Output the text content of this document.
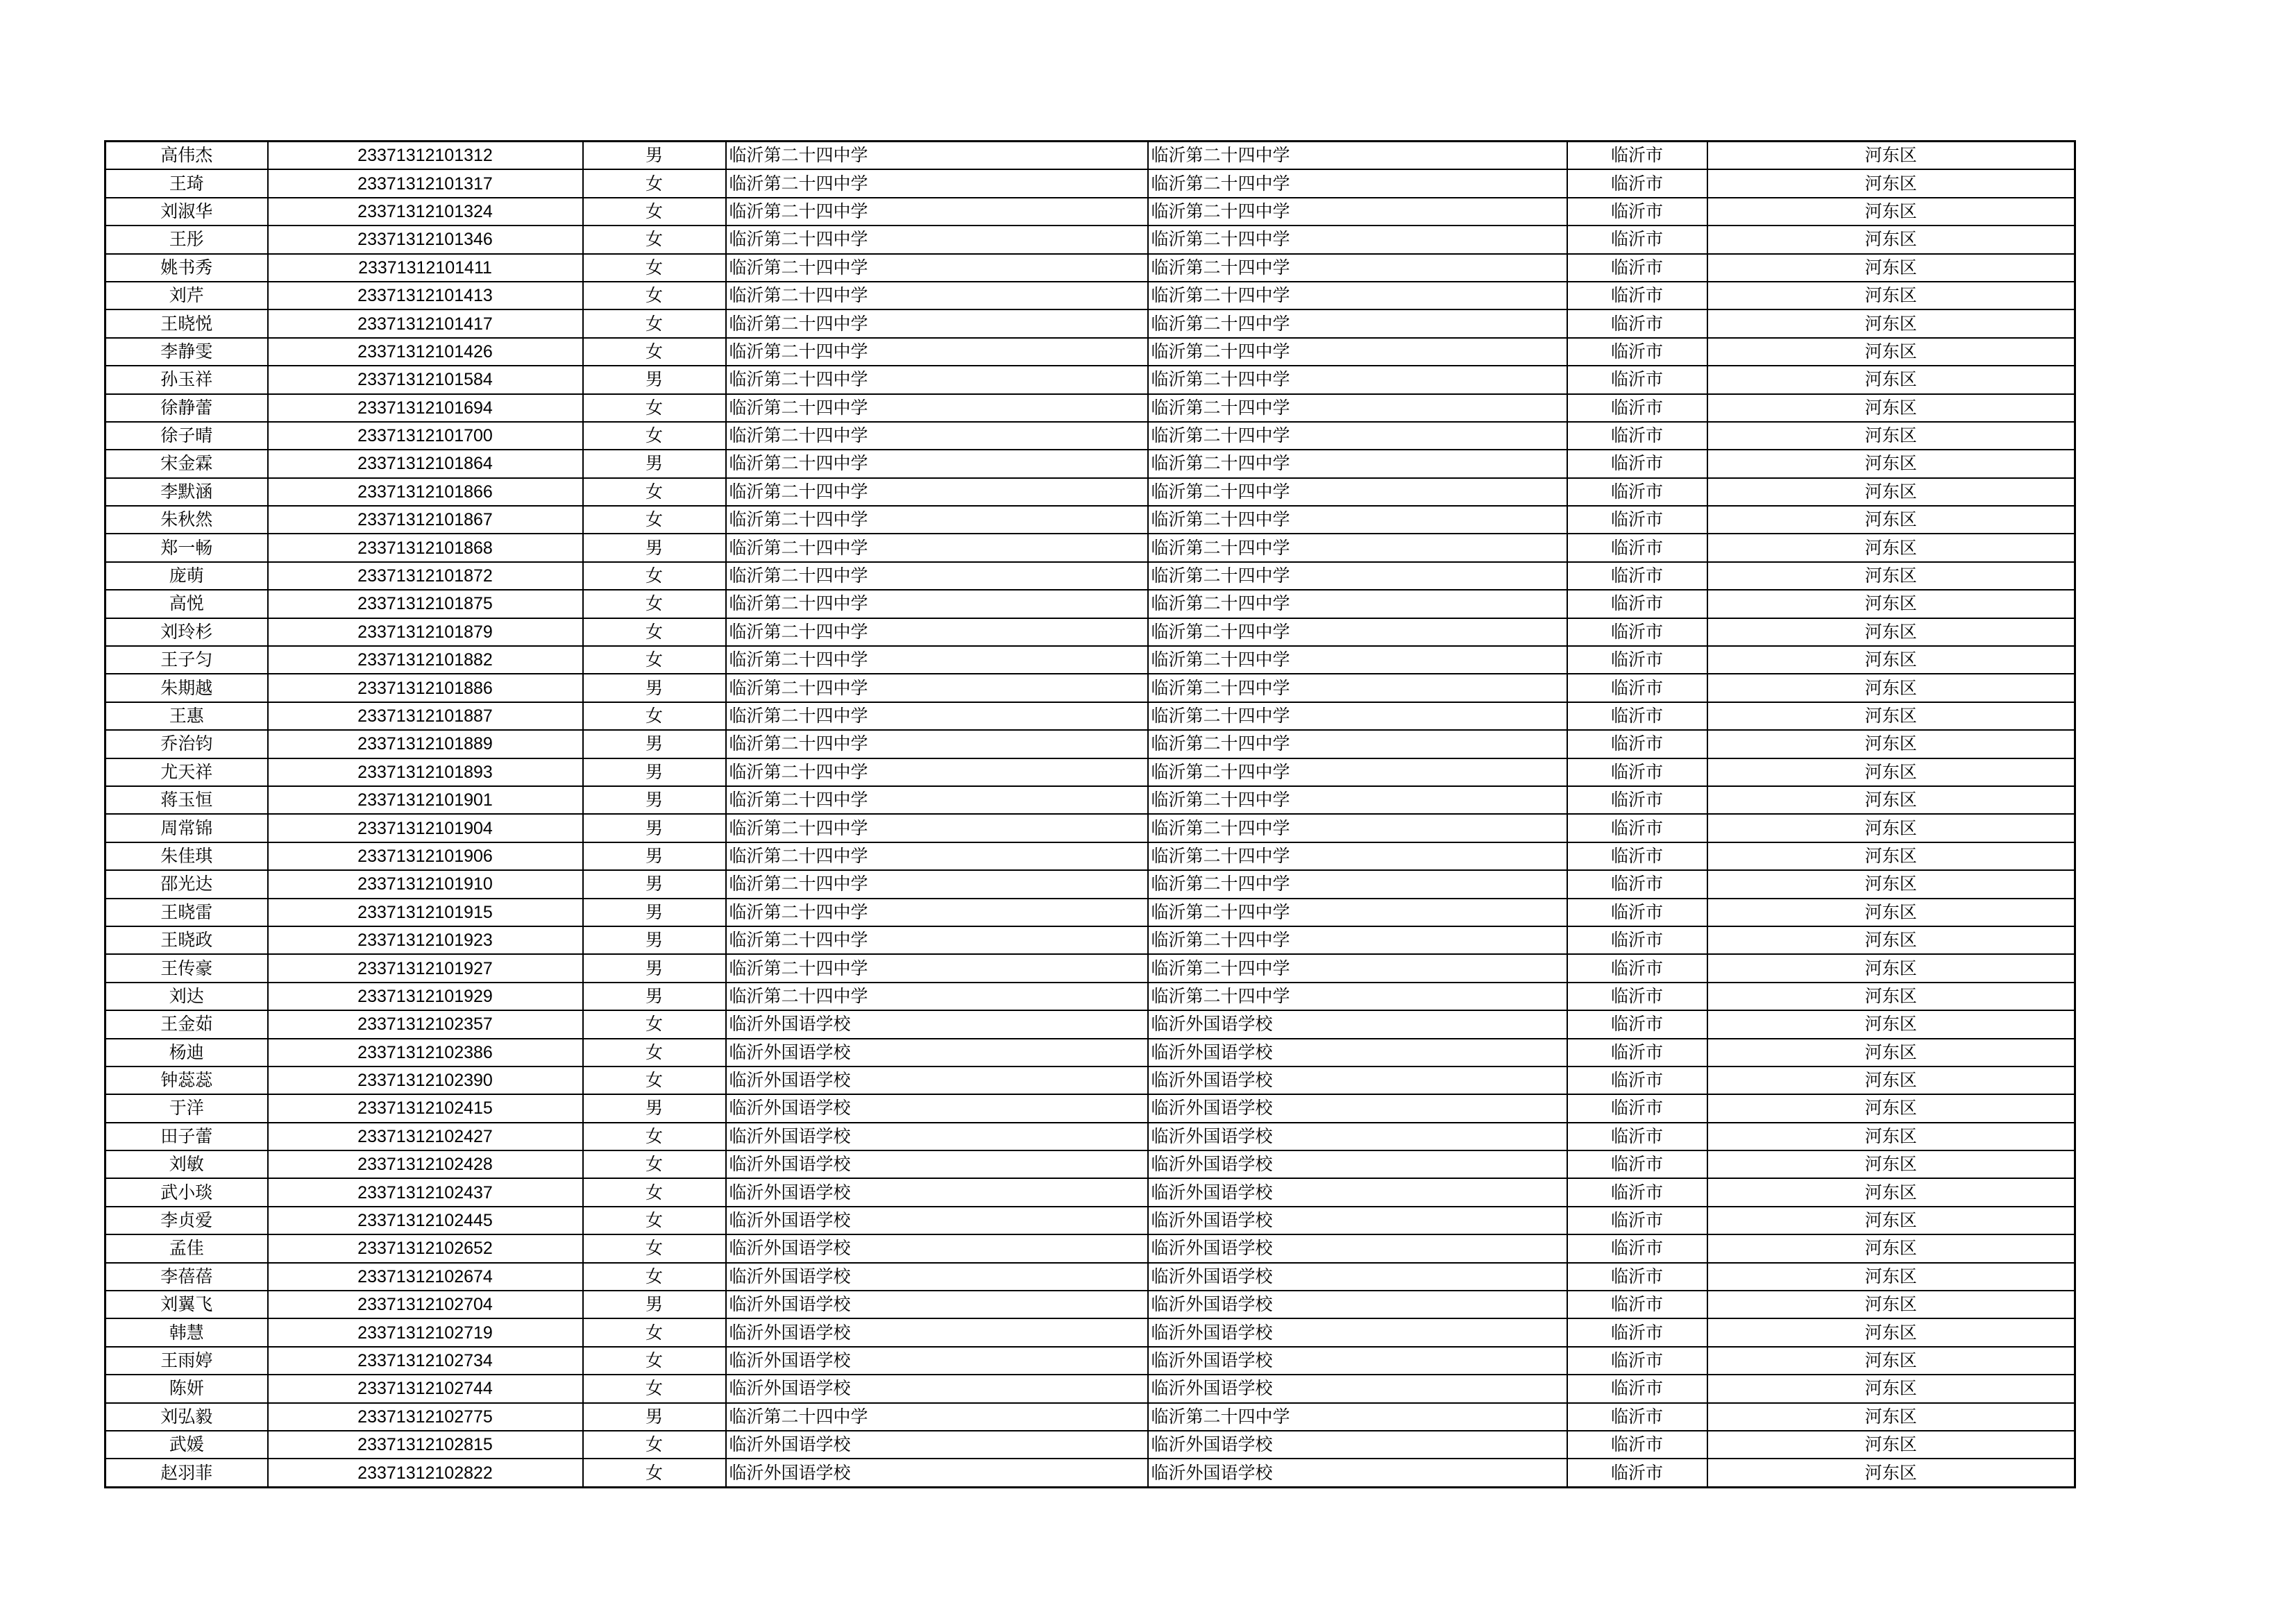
高伟杰	23371312101312	男	临沂第二十四中学	临沂第二十四中学	临沂市	河东区
王琦	23371312101317	女	临沂第二十四中学	临沂第二十四中学	临沂市	河东区
刘淑华	23371312101324	女	临沂第二十四中学	临沂第二十四中学	临沂市	河东区
王彤	23371312101346	女	临沂第二十四中学	临沂第二十四中学	临沂市	河东区
姚书秀	23371312101411	女	临沂第二十四中学	临沂第二十四中学	临沂市	河东区
刘芹	23371312101413	女	临沂第二十四中学	临沂第二十四中学	临沂市	河东区
王晓悦	23371312101417	女	临沂第二十四中学	临沂第二十四中学	临沂市	河东区
李静雯	23371312101426	女	临沂第二十四中学	临沂第二十四中学	临沂市	河东区
孙玉祥	23371312101584	男	临沂第二十四中学	临沂第二十四中学	临沂市	河东区
徐静蕾	23371312101694	女	临沂第二十四中学	临沂第二十四中学	临沂市	河东区
徐子晴	23371312101700	女	临沂第二十四中学	临沂第二十四中学	临沂市	河东区
宋金霖	23371312101864	男	临沂第二十四中学	临沂第二十四中学	临沂市	河东区
李默涵	23371312101866	女	临沂第二十四中学	临沂第二十四中学	临沂市	河东区
朱秋然	23371312101867	女	临沂第二十四中学	临沂第二十四中学	临沂市	河东区
郑一畅	23371312101868	男	临沂第二十四中学	临沂第二十四中学	临沂市	河东区
庞萌	23371312101872	女	临沂第二十四中学	临沂第二十四中学	临沂市	河东区
高悦	23371312101875	女	临沂第二十四中学	临沂第二十四中学	临沂市	河东区
刘玲杉	23371312101879	女	临沂第二十四中学	临沂第二十四中学	临沂市	河东区
王子匀	23371312101882	女	临沂第二十四中学	临沂第二十四中学	临沂市	河东区
朱期越	23371312101886	男	临沂第二十四中学	临沂第二十四中学	临沂市	河东区
王惠	23371312101887	女	临沂第二十四中学	临沂第二十四中学	临沂市	河东区
乔治钧	23371312101889	男	临沂第二十四中学	临沂第二十四中学	临沂市	河东区
尤天祥	23371312101893	男	临沂第二十四中学	临沂第二十四中学	临沂市	河东区
蒋玉恒	23371312101901	男	临沂第二十四中学	临沂第二十四中学	临沂市	河东区
周常锦	23371312101904	男	临沂第二十四中学	临沂第二十四中学	临沂市	河东区
朱佳琪	23371312101906	男	临沂第二十四中学	临沂第二十四中学	临沂市	河东区
邵光达	23371312101910	男	临沂第二十四中学	临沂第二十四中学	临沂市	河东区
王晓雷	23371312101915	男	临沂第二十四中学	临沂第二十四中学	临沂市	河东区
王晓政	23371312101923	男	临沂第二十四中学	临沂第二十四中学	临沂市	河东区
王传豪	23371312101927	男	临沂第二十四中学	临沂第二十四中学	临沂市	河东区
刘达	23371312101929	男	临沂第二十四中学	临沂第二十四中学	临沂市	河东区
王金茹	23371312102357	女	临沂外国语学校	临沂外国语学校	临沂市	河东区
杨迪	23371312102386	女	临沂外国语学校	临沂外国语学校	临沂市	河东区
钟蕊蕊	23371312102390	女	临沂外国语学校	临沂外国语学校	临沂市	河东区
于洋	23371312102415	男	临沂外国语学校	临沂外国语学校	临沂市	河东区
田子蕾	23371312102427	女	临沂外国语学校	临沂外国语学校	临沂市	河东区
刘敏	23371312102428	女	临沂外国语学校	临沂外国语学校	临沂市	河东区
武小琰	23371312102437	女	临沂外国语学校	临沂外国语学校	临沂市	河东区
李贞爱	23371312102445	女	临沂外国语学校	临沂外国语学校	临沂市	河东区
孟佳	23371312102652	女	临沂外国语学校	临沂外国语学校	临沂市	河东区
李蓓蓓	23371312102674	女	临沂外国语学校	临沂外国语学校	临沂市	河东区
刘翼飞	23371312102704	男	临沂外国语学校	临沂外国语学校	临沂市	河东区
韩慧	23371312102719	女	临沂外国语学校	临沂外国语学校	临沂市	河东区
王雨婷	23371312102734	女	临沂外国语学校	临沂外国语学校	临沂市	河东区
陈妍	23371312102744	女	临沂外国语学校	临沂外国语学校	临沂市	河东区
刘弘毅	23371312102775	男	临沂第二十四中学	临沂第二十四中学	临沂市	河东区
武媛	23371312102815	女	临沂外国语学校	临沂外国语学校	临沂市	河东区
赵羽菲	23371312102822	女	临沂外国语学校	临沂外国语学校	临沂市	河东区
